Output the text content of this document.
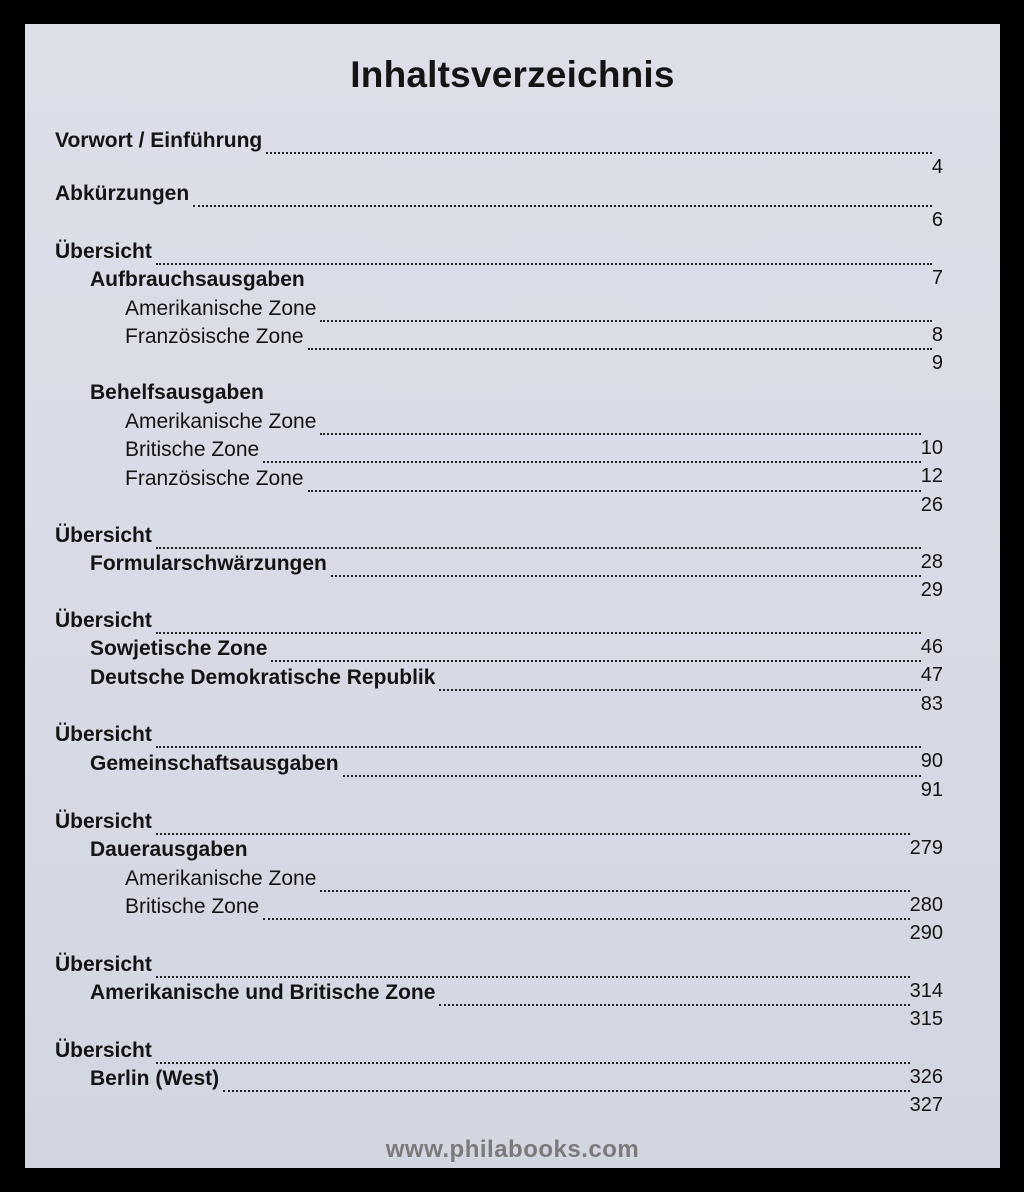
Inhaltsverzeichnis
Vorwort / Einführung
4
Abkürzungen
6
Übersicht
7
Aufbrauchsausgaben
Amerikanische Zone
8
Französische Zone
9
Behelfsausgaben
Amerikanische Zone
10
Britische Zone
12
Französische Zone
26
Übersicht
28
Formularschwärzungen
29
Übersicht
46
Sowjetische Zone
47
Deutsche Demokratische Republik
83
Übersicht
90
Gemeinschaftsausgaben
91
Übersicht
279
Dauerausgaben
Amerikanische Zone
280
Britische Zone
290
Übersicht
314
Amerikanische und Britische Zone
315
Übersicht
326
Berlin (West)
327
www.philabooks.com
